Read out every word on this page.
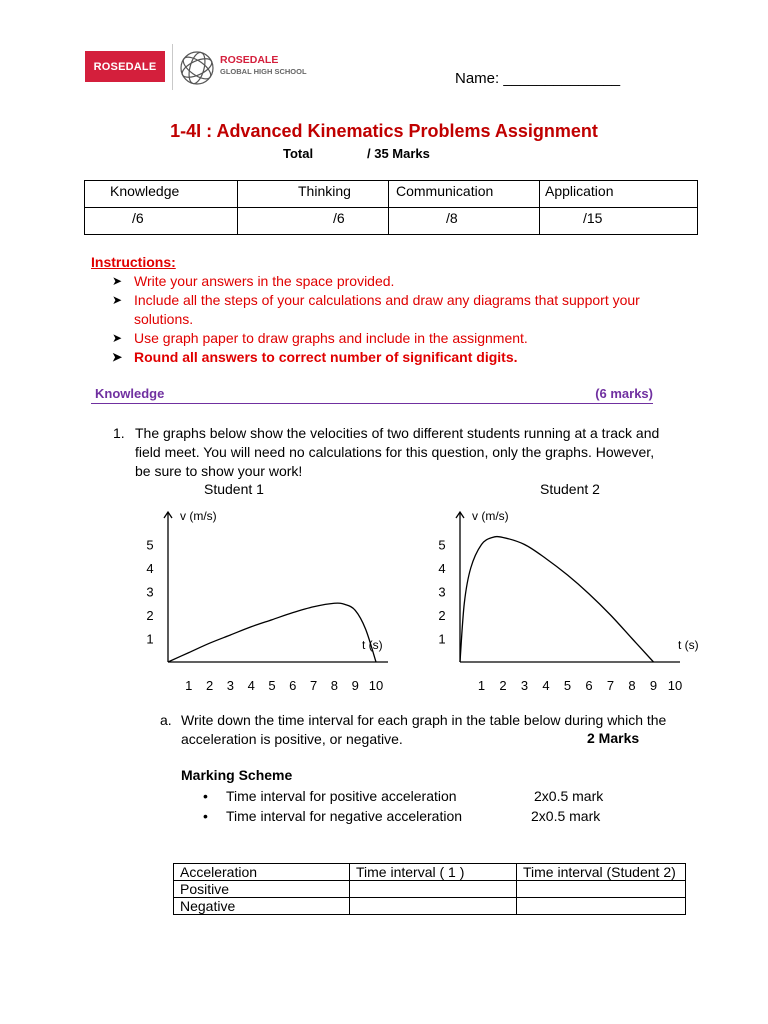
ROSEDALE
ROSEDALE
GLOBAL HIGH SCHOOL	Name: ______________
1-4I : Advanced Kinematics Problems Assignment
Total	/ 35 Marks
Knowledge	Thinking	Communication	Application

/6	/6	/8	/15
Instructions:
➤ Write your answers in the space provided.
➤ Include all the steps of your calculations and draw any diagrams that support your solutions.
➤ Use graph paper to draw graphs and include in the assignment.
➤ Round all answers to correct number of significant digits.
Knowledge	(6 marks)
1. The graphs below show the velocities of two different students running at a track and field meet. You will need no calculations for this question, only the graphs. However, be sure to show your work!
Student 1	Student 2
v (m/s)
t (s)
1
2
3
4
5
1 2 3 4 5 6 7 8 9 10
v (m/s)
t (s)
1
2
3
4
5
1 2 3 4 5 6 7 8 9 10
a. Write down the time interval for each graph in the table below during which the acceleration is positive, or negative.	2 Marks
Marking Scheme
• Time interval for positive acceleration	2x0.5 mark
• Time interval for negative acceleration	2x0.5 mark
Acceleration	Time interval ( 1 )	Time interval (Student 2)
Positive		
Negative		
